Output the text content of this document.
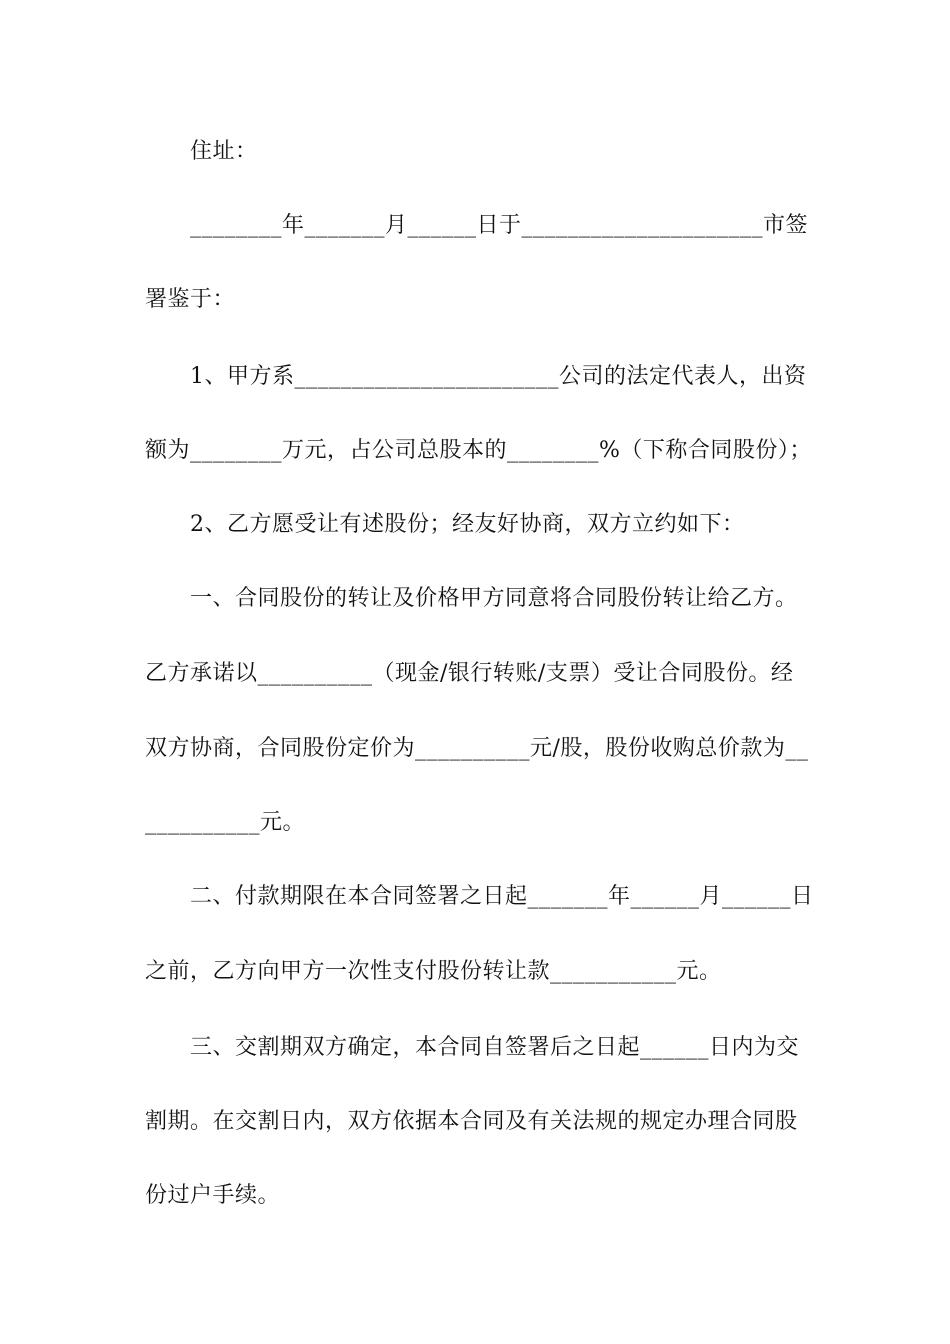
住址：
________年_______月______日于_____________________市签
署鉴于：
1、甲方系_______________________公司的法定代表人，出资
额为________万元，占公司总股本的________%（下称合同股份）；
2、乙方愿受让有述股份；经友好协商，双方立约如下：
一、合同股份的转让及价格甲方同意将合同股份转让给乙方。
乙方承诺以__________（现金/银行转账/支票）受让合同股份。经
双方协商，合同股份定价为__________元/股，股份收购总价款为__
__________元。
二、付款期限在本合同签署之日起_______年______月______日
之前，乙方向甲方一次性支付股份转让款___________元。
三、交割期双方确定，本合同自签署后之日起______日内为交
割期。在交割日内，双方依据本合同及有关法规的规定办理合同股
份过户手续。
